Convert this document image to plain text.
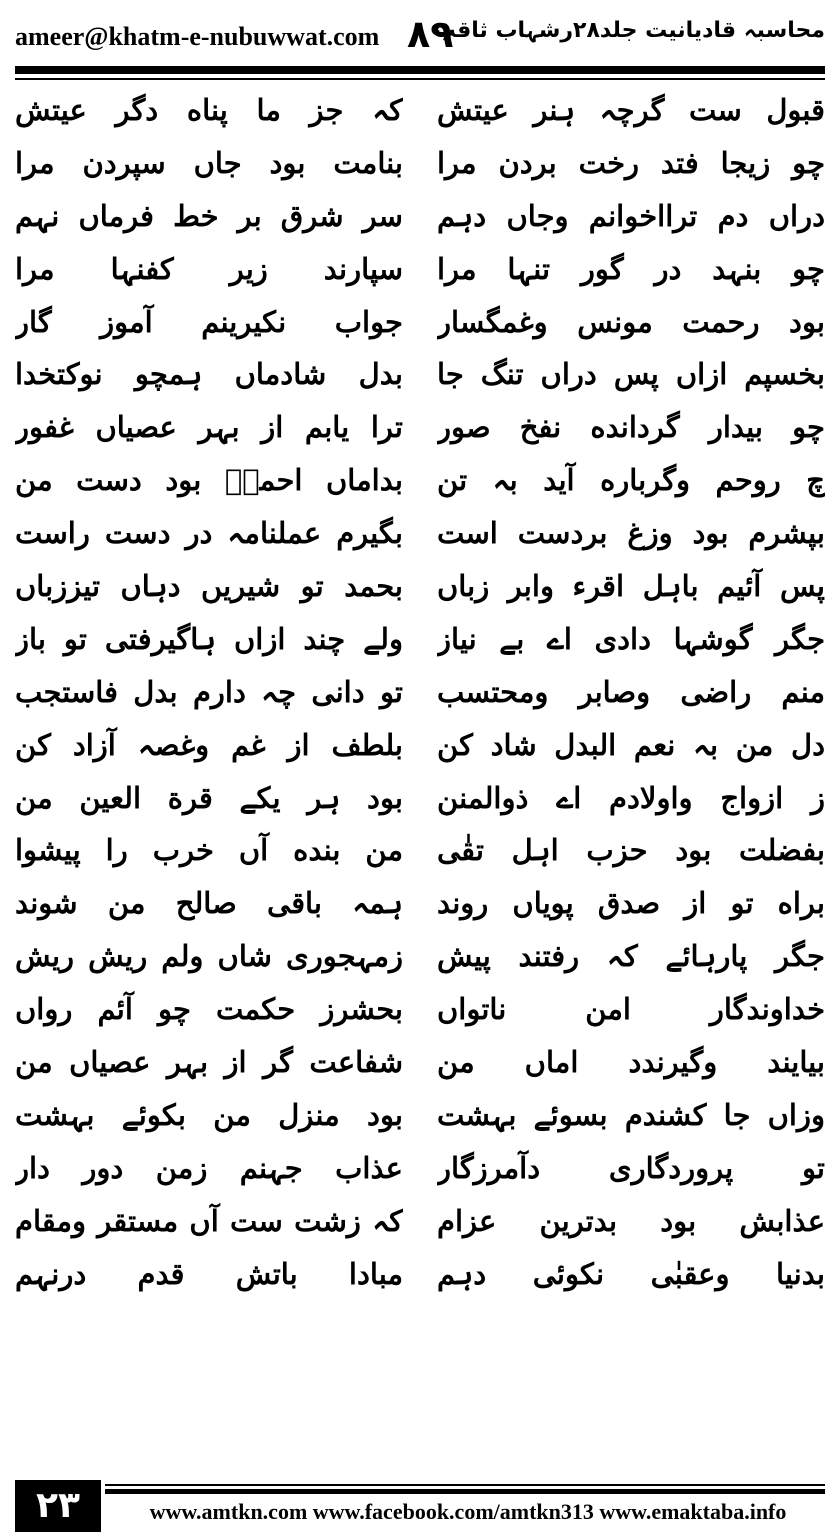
ameer@khatm-e-nubuwwat.com ۸۹
محاسبہ قادیانیت جلد۲۸رشہاب ثاقب
قبول ست گرچہ ہنر عیتش
چو زیجا فتد رخت بردن مرا
دراں دم ترااخوانم وجاں دہم
چو بنہد در گور تنہا مرا
بود رحمت مونس وغمگسار
بخسپم ازاں پس دراں تنگ جا
چو بیدار گردانده نفخ صور
چ روحم وگرباره آید بہ تن
بپشرم بود وزغ بردست است
پس آئیم باہل اقرء وابر زباں
جگر گوشہا دادی اے بے نیاز
منم راضی وصابر ومحتسب
دل من بہ نعم البدل شاد کن
ز ازواج واولادم اے ذوالمنن
بفضلت بود حزب اہل تقٰی
براه تو از صدق پویاں روند
جگر پارہائے کہ رفتند پیش
خداوندگار امن ناتواں
بیایند وگیرندد اماں من
وزاں جا کشندم بسوئے بہشت
تو پروردگاری دآمرزگار
عذابش بود بدترین عزام
بدنیا وعقبٰی نکوئی دہم
کہ جز ما پناه دگر عیتش
بنامت بود جاں سپردن مرا
سر شرق بر خط فرماں نہم
سپارند زیر کفنہا مرا
جواب نکیرینم آموز گار
بدل شادماں ہمچو نوکتخدا
ترا یابم از بہر عصیاں غفور
بداماں احمدؐ بود دست من
بگیرم عملنامہ در دست راست
بحمد تو شیریں دہاں تیززباں
ولے چند ازاں ہاگیرفتی تو باز
تو دانی چہ دارم بدل فاستجب
بلطف از غم وغصہ آزاد کن
بود ہر یکے قرة العین من
من بنده آں خرب را پیشوا
ہمہ باقی صالح من شوند
زمہجوری شاں ولم ریش ریش
بحشرز حکمت چو آئم رواں
شفاعت گر از بہر عصیاں من
بود منزل من بکوئے بہشت
عذاب جہنم زمن دور دار
کہ زشت ست آں مستقر ومقام
مبادا باتش قدم درنہم
۲۳	www.amtkn.com www.facebook.com/amtkn313 www.emaktaba.info
